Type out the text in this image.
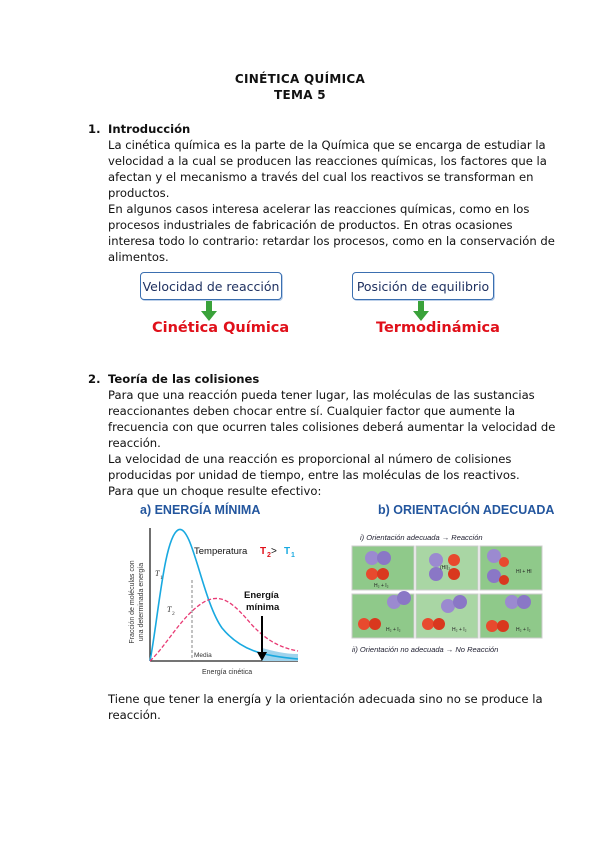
CINÉTICA QUÍMICA
TEMA 5
1. Introducción
La cinética química es la parte de la Química que se encarga de estudiar la
velocidad a la cual se producen las reacciones químicas, los factores que la
afectan y el mecanismo a través del cual los reactivos se transforman en
productos.
En algunos casos interesa acelerar las reacciones químicas, como en los
procesos industriales de fabricación de productos. En otras ocasiones
interesa todo lo contrario: retardar los procesos, como en la conservación de
alimentos.
Velocidad de reacción
Cinética Química
Posición de equilibrio
Termodinámica
2. Teoría de las colisiones
Para que una reacción pueda tener lugar, las moléculas de las sustancias
reaccionantes deben chocar entre sí. Cualquier factor que aumente la
frecuencia con que ocurren tales colisiones deberá aumentar la velocidad de
reacción.
La velocidad de una reacción es proporcional al número de colisiones
producidas por unidad de tiempo, entre las moléculas de los reactivos.
Para que un choque resulte efectivo:
a) ENERGÍA MÍNIMA
Fracción de moléculas con una determinada energía
Temperatura T 2 > T 1
T 1
T 2
Energía
mínima
Media
Energía cinética
b) ORIENTACIÓN ADECUADA
i) Orientación adecuada → Reacción
H₂ + I₂
(HI)₂
HI + HI
H₂ + I₂	H₂ + I₂	H₂ + I₂
ii) Orientación no adecuada → No Reacción
Tiene que tener la energía y la orientación adecuada sino no se produce la
reacción.
